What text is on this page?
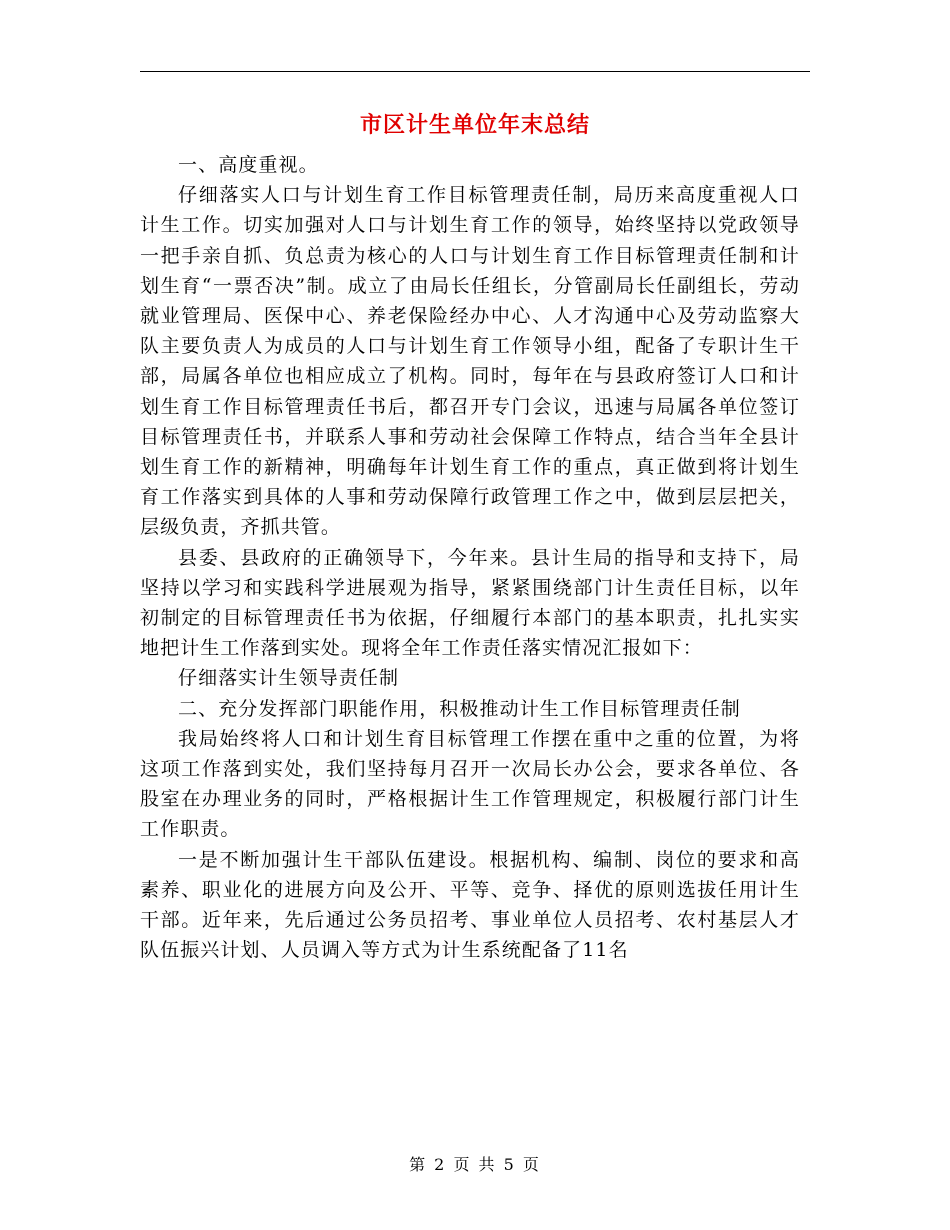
市区计生单位年末总结

一、高度重视。

仔细落实人口与计划生育工作目标管理责任制，局历来高度重视人口计生工作。切实加强对人口与计划生育工作的领导，始终坚持以党政领导一把手亲自抓、负总责为核心的人口与计划生育工作目标管理责任制和计划生育“一票否决”制。成立了由局长任组长，分管副局长任副组长，劳动就业管理局、医保中心、养老保险经办中心、人才沟通中心及劳动监察大队主要负责人为成员的人口与计划生育工作领导小组，配备了专职计生干部，局属各单位也相应成立了机构。同时，每年在与县政府签订人口和计划生育工作目标管理责任书后，都召开专门会议，迅速与局属各单位签订目标管理责任书，并联系人事和劳动社会保障工作特点，结合当年全县计划生育工作的新精神，明确每年计划生育工作的重点，真正做到将计划生育工作落实到具体的人事和劳动保障行政管理工作之中，做到层层把关，层级负责，齐抓共管。

县委、县政府的正确领导下，今年来。县计生局的指导和支持下，局坚持以学习和实践科学进展观为指导，紧紧围绕部门计生责任目标，以年初制定的目标管理责任书为依据，仔细履行本部门的基本职责，扎扎实实地把计生工作落到实处。现将全年工作责任落实情况汇报如下：

仔细落实计生领导责任制

二、充分发挥部门职能作用，积极推动计生工作目标管理责任制

我局始终将人口和计划生育目标管理工作摆在重中之重的位置，为将这项工作落到实处，我们坚持每月召开一次局长办公会，要求各单位、各股室在办理业务的同时，严格根据计生工作管理规定，积极履行部门计生工作职责。

一是不断加强计生干部队伍建设。根据机构、编制、岗位的要求和高素养、职业化的进展方向及公开、平等、竞争、择优的原则选拔任用计生干部。近年来，先后通过公务员招考、事业单位人员招考、农村基层人才队伍振兴计划、人员调入等方式为计生系统配备了11名

第 2 页 共 5 页
